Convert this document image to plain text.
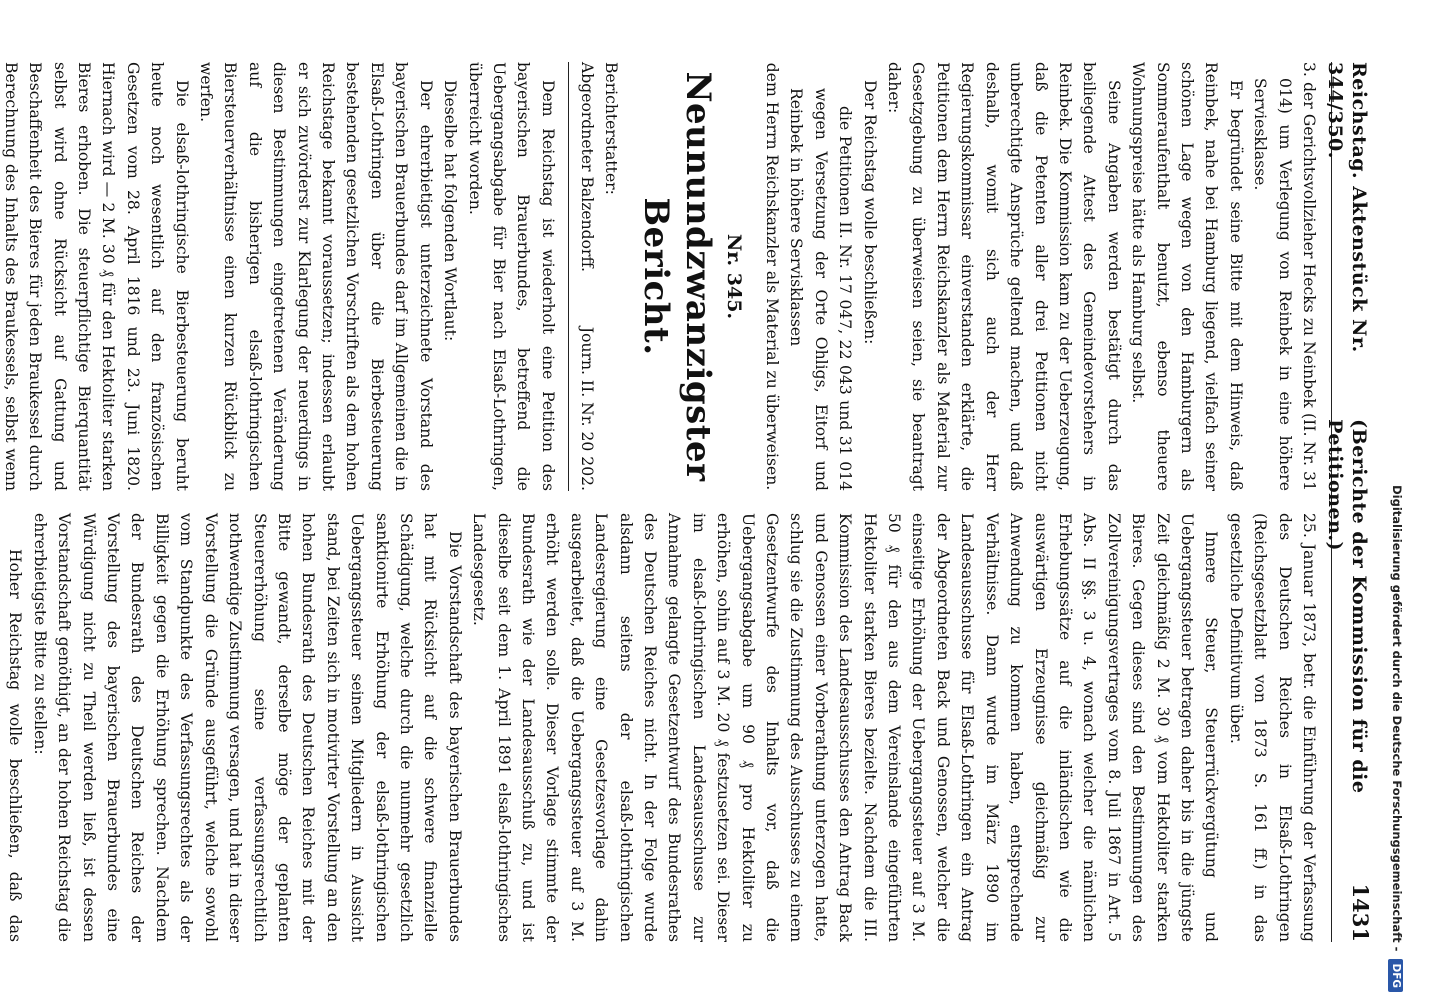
Reichstag. Aktenstück Nr. 344/350.
(Berichte der Kommission für die Petitionen.)
1431

3. der Gerichtsvollzieher Hecks zu Neinbek (II. Nr. 31 014) um Verlegung von Reinbek in eine höhere Serviesklasse.

Er begründet seine Bitte mit dem Hinweis, daß Reinbek, nahe bei Hamburg liegend, vielfach seiner schönen Lage wegen von den Hamburgern als Sommeraufenthalt benutzt, ebenso theuere Wohnungspreise hätte als Hamburg selbst.

Seine Angaben werden bestätigt durch das beiliegende Attest des Gemeindevorstehers in Reinbek. Die Kommission kam zu der Ueberzeugung, daß die Petenten aller drei Petitionen nicht unberechtigte Ansprüche geltend machen, und daß deshalb, womit sich auch der Herr Regierungskommissar einverstanden erklärte, die Petitionen dem Herrn Reichskanzler als Material zur Gesetzgebung zu überweisen seien, sie beantragt daher:

Der Reichstag wolle beschließen:

die Petitionen II. Nr. 17 047, 22 043 und 31 014 wegen Versetzung der Orte Ohligs, Eitorf und Reinbek in höhere Servisklassen

dem Herrn Reichskanzler als Material zu überweisen.

Nr. 345.
Neunundzwanzigster Bericht.
Berichterstatter:
Abgeordneter Balzendorff.
Journ. II. Nr. 20 202.

Dem Reichstag ist wiederholt eine Petition des bayerischen Brauerbundes, betreffend die Uebergangsabgabe für Bier nach Elsaß-Lothringen, überreicht worden.

Dieselbe hat folgenden Wortlaut:

Der ehrerbietigst unterzeichnete Vorstand des bayerischen Brauerbundes darf im Allgemeinen die in Elsaß-Lothringen über die Bierbesteuerung bestehenden gesetzlichen Vorschriften als dem hohen Reichstage bekannt voraussetzen; indessen erlaubt er sich zuvörderst zur Klarlegung der neuerdings in diesen Bestimmungen eingetretenen Veränderung auf die bisherigen elsaß-lothringischen Biersteuerverhältnisse einen kurzen Rückblick zu werfen.

Die elsaß-lothringische Bierbesteuerung beruht heute noch wesentlich auf den französischen Gesetzen vom 28. April 1816 und 23. Juni 1820. Hiernach wird — 2 M. 30 ₰ für den Hektoliter starken Bieres erhoben. Die steuerpflichtige Bierquantität selbst wird ohne Rücksicht auf Gattung und Beschaffenheit des Bieres für jeden Braukessel durch Berechnung des Inhalts des Braukessels, selbst wenn

25. Januar 1873, betr. die Einführung der Verfassung des Deutschen Reiches in Elsaß-Lothringen (Reichsgesetzblatt von 1873 S. 161 ff.) in das gesetzliche Definitivum über.

Innere Steuer, Steuerrückvergütung und Uebergangssteuer betragen daher bis in die jüngste Zeit gleichmäßig 2 M. 30 ₰ vom Hektoliter starken Bieres. Gegen dieses sind den Bestimmungen des Zollvereinigungsvertrages vom 8. Juli 1867 in Art. 5 Abs. II §§. 3 u. 4, wonach welcher die nämlichen Erhebungssätze auf die inländischen wie die auswärtigen Erzeugnisse gleichmäßig zur Anwendung zu kommen haben, entsprechende Verhältnisse. Dann wurde im März 1890 im Landesausschusse für Elsaß-Lothringen ein Antrag der Abgeordneten Back und Genossen, welcher die einseitige Erhöhung der Uebergangssteuer auf 3 M. 50 ₰ für den aus dem Vereinslande eingeführten Hektoliter starken Bieres bezielte. Nachdem die III. Kommission des Landesausschusses den Antrag Back und Genossen einer Vorberathung unterzogen hatte, schlug sie die Zustimmung des Ausschusses zu einem Gesetzentwurfe des Inhalts vor, daß die Uebergangsabgabe um 90 ₰ pro Hektoliter zu erhöhen, sohin auf 3 M. 20 ₰ festzusetzen sei. Dieser im elsaß-lothringischen Landesausschusse zur Annahme gelangte Gesetzentwurf des Bundesrathes des Deutschen Reiches nicht. In der Folge wurde alsdann seitens der elsaß-lothringischen Landesregierung eine Gesetzesvorlage dahin ausgearbeitet, daß die Uebergangssteuer auf 3 M. erhöht werden solle. Dieser Vorlage stimmte der Bundesrath wie der Landesausschuß zu, und ist dieselbe seit dem 1. April 1891 elsaß-lothringisches Landesgesetz.

Die Vorstandschaft des bayerischen Brauerbundes hat mit Rücksicht auf die schwere finanzielle Schädigung, welche durch die nunmehr gesetzlich sanktionirte Erhöhung der elsaß-lothringischen Uebergangssteuer seinen Mitgliedern in Aussicht stand, bei Zeiten sich in motivirter Vorstellung an den hohen Bundesrath des Deutschen Reiches mit der Bitte gewandt, derselbe möge der geplanten Steuererhöhung seine verfassungsrechtlich nothwendige Zustimmung versagen, und hat in dieser Vorstellung die Gründe ausgeführt, welche sowohl vom Standpunkte des Verfassungsrechtes als der Billigkeit gegen die Erhöhung sprechen. Nachdem der Bundesrath des Deutschen Reiches der Vorstellung des bayerischen Brauerbundes eine Würdigung nicht zu Theil werden ließ, ist dessen Vorstandschaft genöthigt, an der hohen Reichstag die ehrerbietigste Bitte zu stellen:

Hoher Reichstag wolle beschließen, daß das	Digitalisierung gefördert durch die Deutsche Forschungsgemeinschaft - DFG
